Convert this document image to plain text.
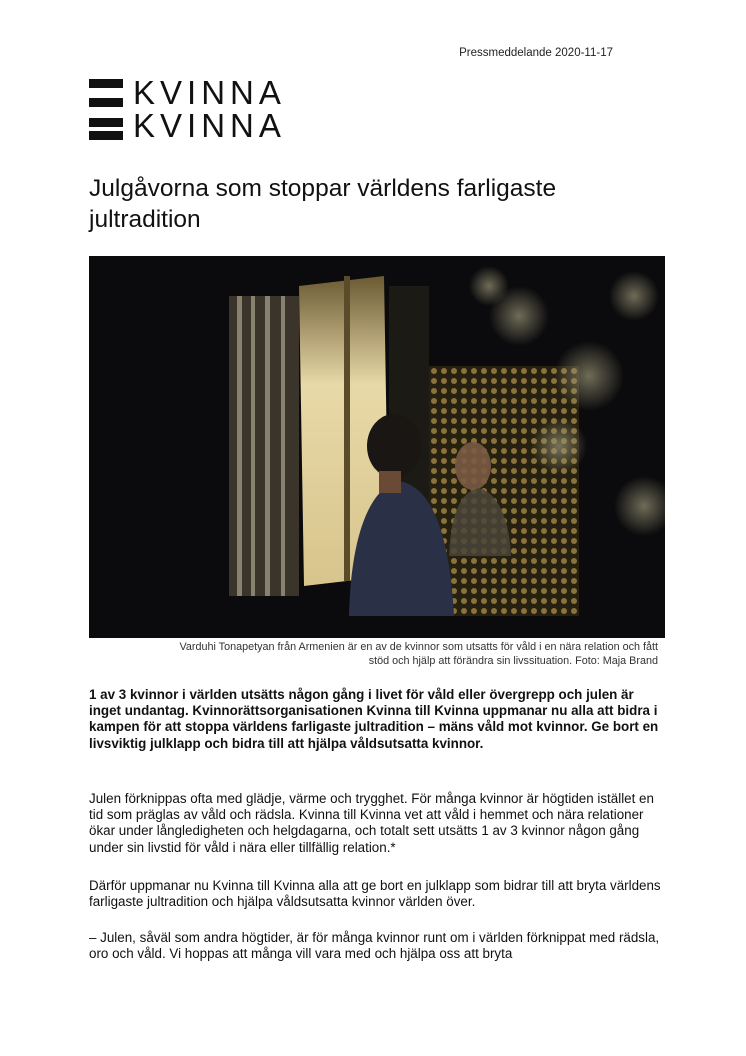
Pressmeddelande 2020-11-17
KVINNA
KVINNA
Julgåvorna som stoppar världens farligaste jultradition
Varduhi Tonapetyan från Armenien är en av de kvinnor som utsatts för våld i en nära relation och fått
stöd och hjälp att förändra sin livssituation. Foto: Maja Brand

1 av 3 kvinnor i världen utsätts någon gång i livet för våld eller övergrepp och julen är inget undantag. Kvinnorättsorganisationen Kvinna till Kvinna uppmanar nu alla att bidra i kampen för att stoppa världens farligaste jultradition – mäns våld mot kvinnor. Ge bort en livsviktig julklapp och bidra till att hjälpa våldsutsatta kvinnor.

Julen förknippas ofta med glädje, värme och trygghet. För många kvinnor är högtiden istället en tid som präglas av våld och rädsla. Kvinna till Kvinna vet att våld i hemmet och nära relationer ökar under långledigheten och helgdagarna, och totalt sett utsätts 1 av 3 kvinnor någon gång under sin livstid för våld i nära eller tillfällig relation.*

Därför uppmanar nu Kvinna till Kvinna alla att ge bort en julklapp som bidrar till att bryta världens farligaste jultradition och hjälpa våldsutsatta kvinnor världen över.

– Julen, såväl som andra högtider, är för många kvinnor runt om i världen förknippat med rädsla, oro och våld. Vi hoppas att många vill vara med och hjälpa oss att bryta
